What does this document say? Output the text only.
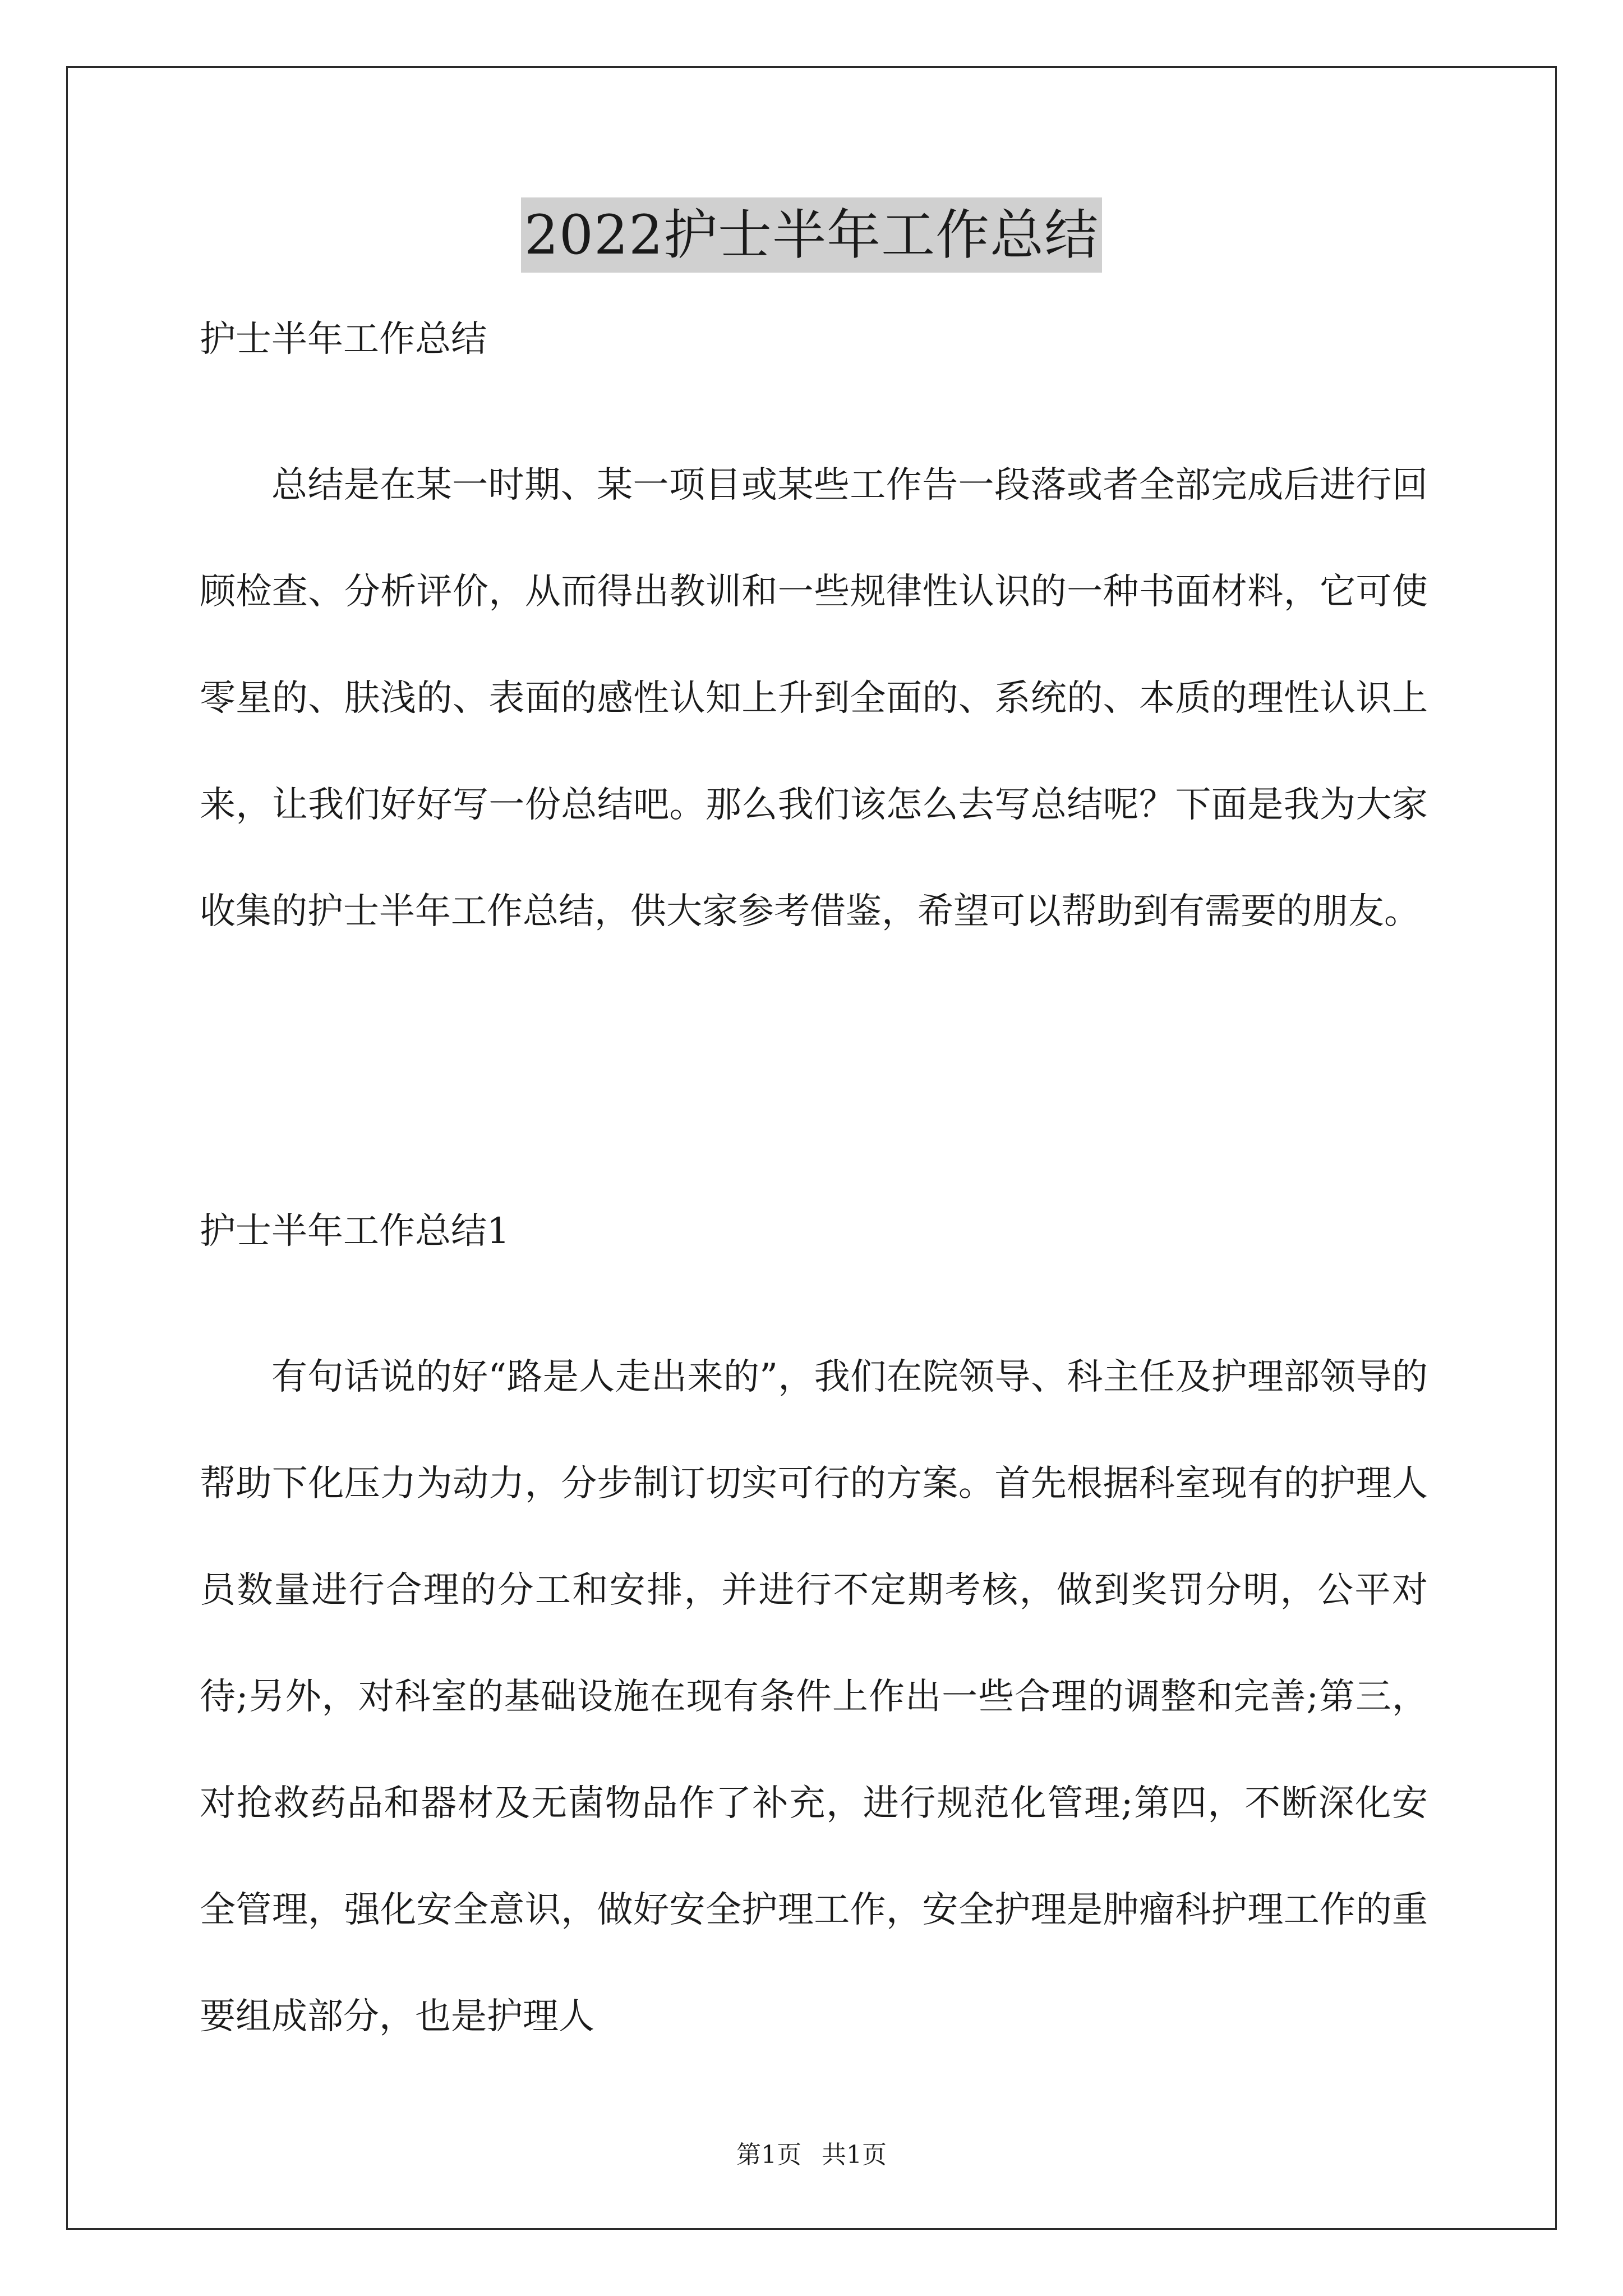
2022护士半年工作总结

护士半年工作总结

总结是在某一时期、某一项目或某些工作告一段落或者全部完成后进行回顾检查、分析评价，从而得出教训和一些规律性认识的一种书面材料，它可使零星的、肤浅的、表面的感性认知上升到全面的、系统的、本质的理性认识上来，让我们好好写一份总结吧。那么我们该怎么去写总结呢？下面是我为大家收集的护士半年工作总结，供大家参考借鉴，希望可以帮助到有需要的朋友。

护士半年工作总结1

有句话说的好“路是人走出来的”，我们在院领导、科主任及护理部领导的帮助下化压力为动力，分步制订切实可行的方案。首先根据科室现有的护理人员数量进行合理的分工和安排，并进行不定期考核，做到奖罚分明，公平对待;另外，对科室的基础设施在现有条件上作出一些合理的调整和完善;第三，对抢救药品和器材及无菌物品作了补充，进行规范化管理;第四，不断深化安全管理，强化安全意识，做好安全护理工作，安全护理是肿瘤科护理工作的重要组成部分，也是护理人

第1页 共1页
